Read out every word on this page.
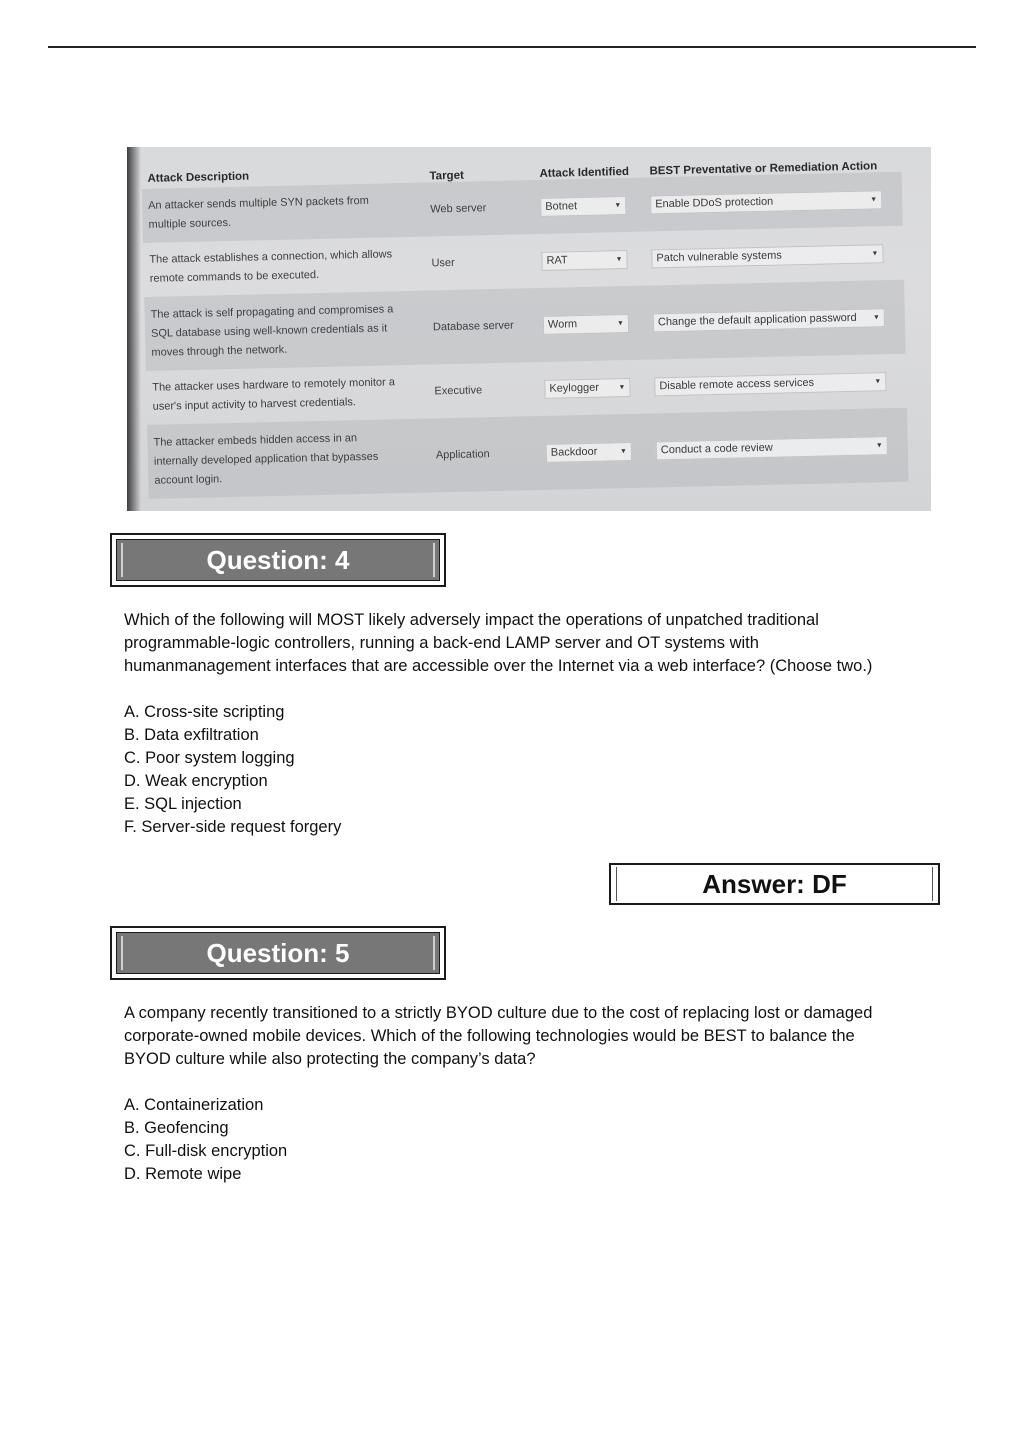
Attack Description	Target	Attack Identified	BEST Preventative or Remediation Action
An attacker sends multiple SYN packets from
multiple sources.
Web server	Botnet	▼	Enable DDoS protection	▼
The attack establishes a connection, which allows
remote commands to be executed.
User	RAT	▼	Patch vulnerable systems	▼
The attack is self propagating and compromises a
SQL database using well-known credentials as it
moves through the network.
Database server	Worm	▼	Change the default application password ▼
The attacker uses hardware to remotely monitor a
user's input activity to harvest credentials.
Executive	Keylogger	▼	Disable remote access services	▼
The attacker embeds hidden access in an
internally developed application that bypasses
account login.
Application	Backdoor	▼	Conduct a code review	▼
Question: 4

Which of the following will MOST likely adversely impact the operations of unpatched traditional

programmable-logic controllers, running a back-end LAMP server and OT systems with

humanmanagement interfaces that are accessible over the Internet via a web interface? (Choose two.)

A. Cross-site scripting
B. Data exfiltration
C. Poor system logging
D. Weak encryption
E. SQL injection
F. Server-side request forgery
Answer: DF
Question: 5

A company recently transitioned to a strictly BYOD culture due to the cost of replacing lost or damaged

corporate-owned mobile devices. Which of the following technologies would be BEST to balance the

BYOD culture while also protecting the company’s data?

A. Containerization
B. Geofencing
C. Full-disk encryption
D. Remote wipe
